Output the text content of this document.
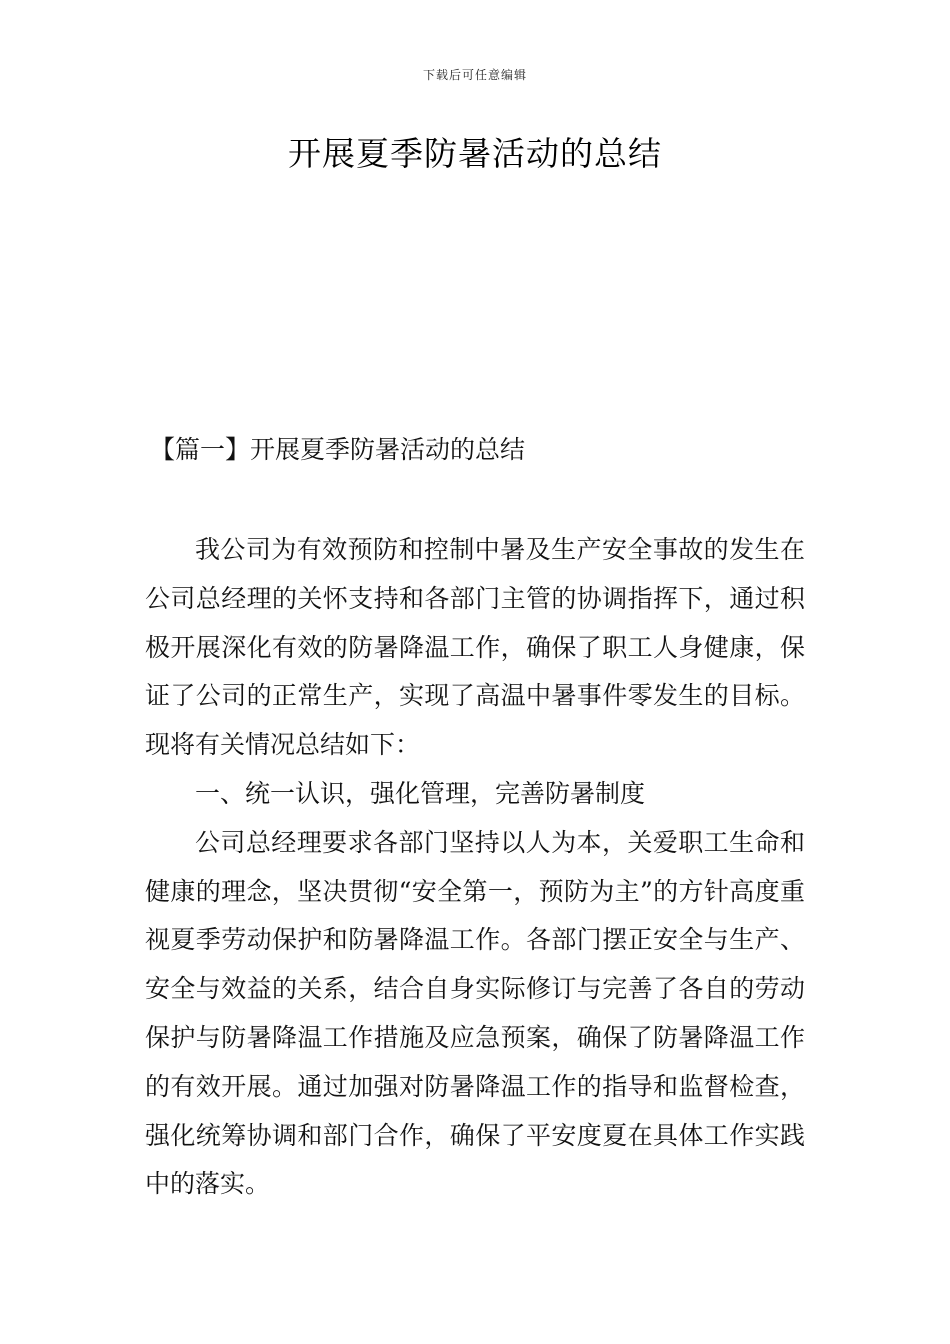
下载后可任意编辑
开展夏季防暑活动的总结
【篇一】开展夏季防暑活动的总结

我公司为有效预防和控制中暑及生产安全事故的发生在公司总经理的关怀支持和各部门主管的协调指挥下，通过积极开展深化有效的防暑降温工作，确保了职工人身健康，保证了公司的正常生产，实现了高温中暑事件零发生的目标。现将有关情况总结如下：

一、统一认识，强化管理，完善防暑制度

公司总经理要求各部门坚持以人为本，关爱职工生命和健康的理念，坚决贯彻“安全第一，预防为主”的方针高度重视夏季劳动保护和防暑降温工作。各部门摆正安全与生产、安全与效益的关系，结合自身实际修订与完善了各自的劳动保护与防暑降温工作措施及应急预案，确保了防暑降温工作的有效开展。通过加强对防暑降温工作的指导和监督检查，强化统筹协调和部门合作，确保了平安度夏在具体工作实践中的落实。
